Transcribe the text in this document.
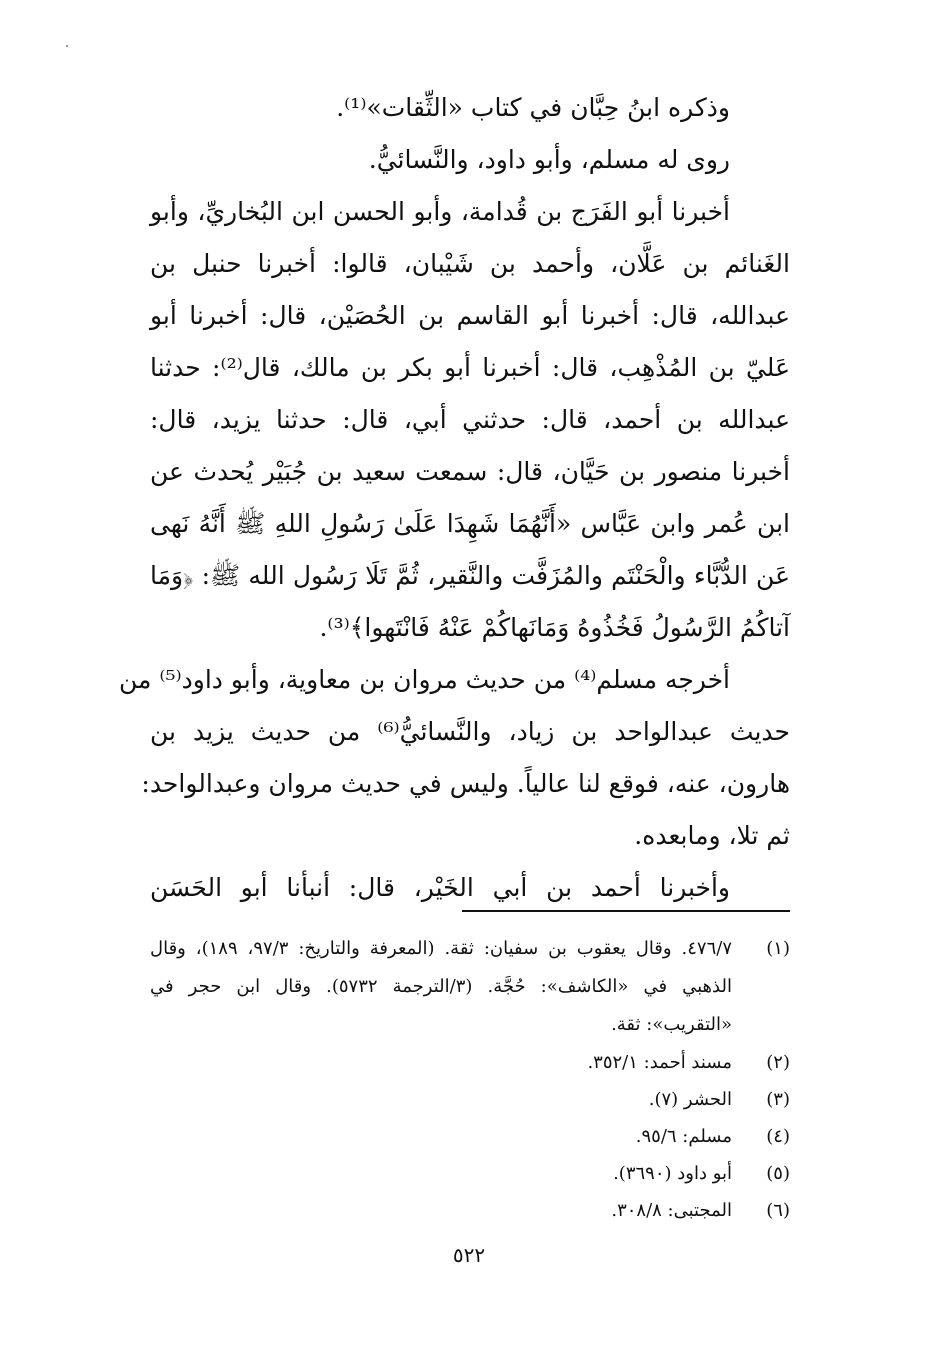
وذكره ابنُ حِبَّان في كتاب «الثِّقات»⁽¹⁾.
روى له مسلم، وأبو داود، والنَّسائيُّ.
أخبرنا أبو الفَرَج بن قُدامة، وأبو الحسن ابن البُخاريِّ، وأبو
الغَنائم بن عَلَّان، وأحمد بن شَيْبان، قالوا: أخبرنا حنبل بن
عبدالله، قال: أخبرنا أبو القاسم بن الحُصَيْن، قال: أخبرنا أبو
عَليّ بن المُذْهِب، قال: أخبرنا أبو بكر بن مالك، قال⁽²⁾: حدثنا
عبدالله بن أحمد، قال: حدثني أبي، قال: حدثنا يزيد، قال:
أخبرنا منصور بن حَيَّان، قال: سمعت سعيد بن جُبَيْر يُحدث عن
ابن عُمر وابن عَبَّاس «أَنَّهُمَا شَهِدَا عَلَىٰ رَسُولِ اللهِ ﷺ أَنَّهُ نَهى
عَن الدُّبَّاء والْحَنْتَم والمُزَفَّت والنَّقير، ثُمَّ تَلَا رَسُول الله ﷺ: ﴿وَمَا
آتاكُمُ الرَّسُولُ فَخُذُوهُ وَمَانَهاكُمْ عَنْهُ فَانْتَهوا﴾⁽³⁾.
أخرجه مسلم⁽⁴⁾ من حديث مروان بن معاوية، وأبو داود⁽⁵⁾ من
حديث عبدالواحد بن زياد، والنَّسائيُّ⁽⁶⁾ من حديث يزيد بن
هارون، عنه، فوقع لنا عالياً. وليس في حديث مروان وعبدالواحد:
ثم تلا، ومابعده.
وأخبرنا أحمد بن أبي الخَيْر، قال: أنبأنا أبو الحَسَن
(١)
٤٧٦/٧. وقال يعقوب بن سفيان: ثقة. (المعرفة والتاريخ: ٩٧/٣، ١٨٩)، وقال
الذهبي في «الكاشف»: حُجَّة. (٣/الترجمة ٥٧٣٢). وقال ابن حجر في
«التقريب»: ثقة.
(٢)
مسند أحمد: ٣٥٢/١.
(٣)
الحشر (٧).
(٤)
مسلم: ٩٥/٦.
(٥)
أبو داود (٣٦٩٠).
(٦)
المجتبى: ٣٠٨/٨.
٥٢٢
